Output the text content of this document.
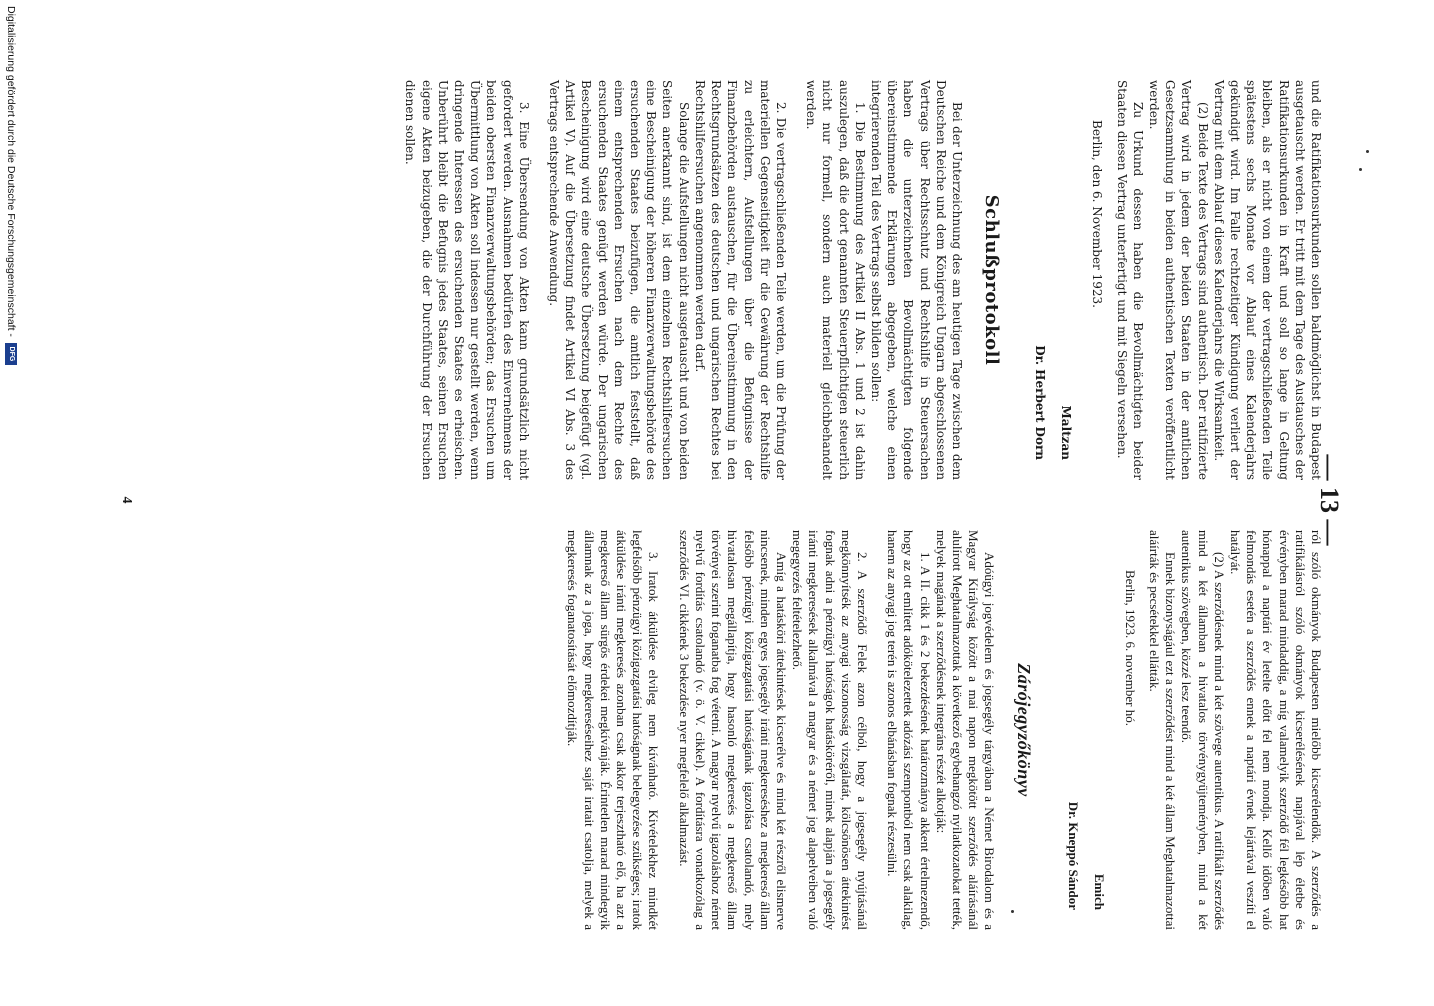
— 13 —

und die Ratifikationsurkunden sollen baldmöglichst in Budapest ausgetauscht werden. Er tritt mit dem Tage des Austausches der Ratifikationsurkunden in Kraft und soll so lange in Geltung bleiben, als er nicht von einem der vertragschließenden Teile spätestens sechs Monate vor Ablauf eines Kalenderjahrs gekündigt wird. Im Falle rechtzeitiger Kündigung verliert der Vertrag mit dem Ablauf dieses Kalenderjahrs die Wirksamkeit.

(2) Beide Texte des Vertrags sind authentisch. Der ratifizierte Vertrag wird in jedem der beiden Staaten in der amtlichen Gesetzsammlung in beiden authentischen Texten veröffentlicht werden.

Zu Urkund dessen haben die Bevollmächtigten beider Staaten diesen Vertrag unterfertigt und mit Siegeln versehen.

Berlin, den 6. November 1923.

Maltzan
Dr. Herbert Dorn
Schlußprotokoll

Bei der Unterzeichnung des am heutigen Tage zwischen dem Deutschen Reiche und dem Königreich Ungarn abgeschlossenen Vertrags über Rechtsschutz und Rechtshilfe in Steuersachen haben die unterzeichneten Bevollmächtigten folgende übereinstimmende Erklärungen abgegeben, welche einen integrierenden Teil des Vertrags selbst bilden sollen:

1. Die Bestimmung des Artikel II Abs. 1 und 2 ist dahin auszulegen, daß die dort genannten Steuerpflichtigen steuerlich nicht nur formell, sondern auch materiell gleichbehandelt werden.

2. Die vertragschließenden Teile werden, um die Prüfung der materiellen Gegenseitigkeit für die Gewährung der Rechtshilfe zu erleichtern, Aufstellungen über die Befugnisse der Finanzbehörden austauschen, für die Übereinstimmung in den Rechtsgrundsätzen des deutschen und ungarischen Rechtes bei Rechtshilfeersuchen angenommen werden darf.

Solange die Aufstellungen nicht ausgetauscht und von beiden Seiten anerkannt sind, ist dem einzelnen Rechtshilfeersuchen eine Bescheinigung der höheren Finanzverwaltungsbehörde des ersuchenden Staates beizufügen, die amtlich feststellt, daß einem entsprechenden Ersuchen nach dem Rechte des ersuchenden Staates genügt werden würde. Der ungarischen Bescheinigung wird eine deutsche Übersetzung beigefügt (vgl. Artikel V). Auf die Übersetzung findet Artikel VI Abs. 3 des Vertrags entsprechende Anwendung.

3. Eine Übersendung von Akten kann grundsätzlich nicht gefordert werden. Ausnahmen bedürfen des Einvernehmens der beiden obersten Finanzverwaltungsbehörden; das Ersuchen um Übermittlung von Akten soll indessen nur gestellt werden, wenn dringende Interessen des ersuchenden Staates es erheischen. Unberührt bleibt die Befugnis jedes Staates, seinen Ersuchen eigene Akten beizugeben, die der Durchführung der Ersuchen dienen sollen.

ról szóló okmányok Budapesten mielőbb kicserélendők. A szerződés a ratifikálásról szóló okmányok kicserélésének napjával lép életbe és érvényben marad mindaddig, a míg valamelyik szerződő fél legkésőbb hat hónappal a naptári év letelte előtt fel nem mondja. Kellő időben való felmondás esetén a szerződés ennek a naptári évnek lejártával veszíti el hatályát.

(2) A szerződésnek mind a két szövege autentikus. A ratifikált szerződés mind a két államban a hivatalos törvénygyüjteményben, mind a két autentikus szövegben, közzé lesz teendő.

Ennek bizonyságául ezt a szerződést mind a két állam Meghatalmazottai aláírták és pecsétekkel ellátták.

Berlin, 1923. 6. november hó.

Emich
Dr. Kneppó Sándor
Zárójegyzőkönyv

Adóügyi jogvédelem és jogsegély tárgyában a Német Birodalom és a Magyar Királyság között a mai napon megkötött szerződés aláírásánál alulírott Meghatalmazottak a következő egybehangzó nyilatkozatokat tették, melyek magának a szerződésnek integráns részét alkotják:

1. A II. cikk 1 és 2 bekezdésének határozmánya akkent értelmezendő, hogy az ott említett adókötelezettek adózási szempontból nem csak alakilag, hanem az anyagi jog terén is azonos elbánásban fognak részesülni.

2. A szerződő Felek azon célból, hogy a jogsegély nyújtásánál megkönnyítsék az anyagi viszonosság vizsgálatát, kölcsönösen áttekintést fognak adni a pénzügyi hatóságok hatásköréről, minek alapján a jogsegély iránti megkeresések alkalmával a magyar és a német jog alapelveiben való megegyezés feltételezhető.

Amíg a hatásköri áttekintések kicserélve és mind két részről elismerve nincsenek, minden egyes jogsegély iránti megkereséshez a megkereső állam felsőbb pénzügyi közigazgatási hatóságának igazolása csatolandó, mely hivatalosan megállapítja, hogy hasonló megkeresés a megkereső állam törvényei szerint foganatba fog vétetni. A magyar nyelvű igazoláshoz német nyelvű fordítás csatolandó (v. ö. V. cikkel). A fordításra vonatkozólag a szerződés VI. cikkének 3 bekezdése nyer megfelelő alkalmazást.

3. Iratok átküldése elvileg nem kívánható. Kivételekhez mindkét legfelsőbb pénzügyi közigazgatási hatóságnak belegyezése szükséges; iratok átküldése iránti megkeresés azonban csak akkor terjesztható elő, ha azt a megkereső állam sürgős érdekei megkívánják. Érintetlen marad mindegyik államnak az a joga, hogy megkereséseihez saját iratait csatolja, melyek a megkeresés foganatosítását előmozdítják.

4
Digitalisierung gefördert durch die Deutsche Forschungsgemeinschaft -
DFG
